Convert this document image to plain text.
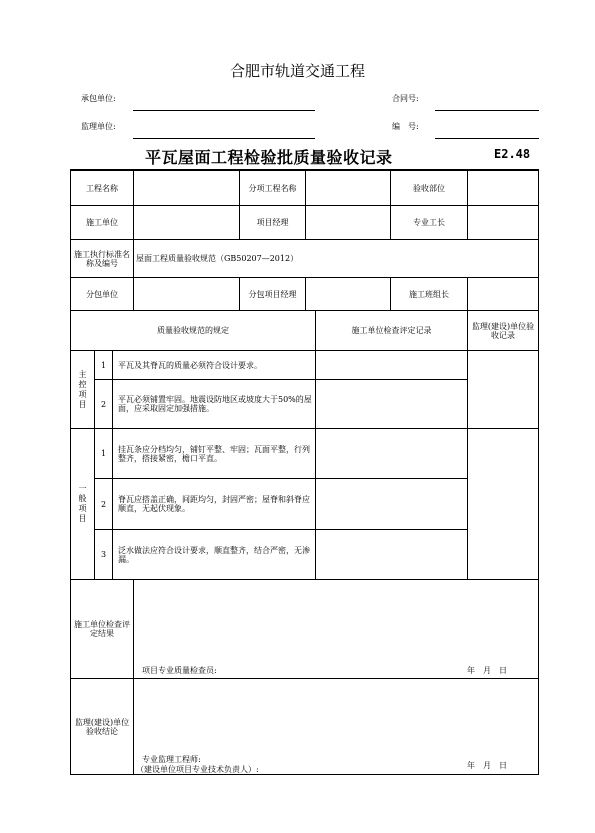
合肥市轨道交通工程
承包单位:	合同号:
监理单位:	编　号:
平瓦屋面工程检验批质量验收记录	E2.48
工程名称	分项工程名称	验收部位
施工单位	项目经理	专业工长
施工执行标准名称及编号	屋面工程质量验收规范（GB50207—2012）
分包单位	分包项目经理	施工班组长
质量验收规范的规定	施工单位检查评定记录	监理(建设)单位验收记录
主控项目
1	平瓦及其脊瓦的质量必须符合设计要求。
2	平瓦必须铺置牢固。地震设防地区或坡度大于50%的屋面，应采取固定加强措施。
一般项目
1	挂瓦条应分档均匀，铺钉平整、牢固；瓦面平整，行列整齐，搭接紧密，檐口平直。
2	脊瓦应搭盖正确，间距均匀，封固严密；屋脊和斜脊应顺直，无起伏现象。
3	泛水做法应符合设计要求，顺直整齐，结合严密，无渗漏。
施工单位检查评定结果
项目专业质量检查员:	年　月　日
监理(建设)单位验收结论
专业监理工程师:
（建设单位项目专业技术负责人）:	年　月　日
